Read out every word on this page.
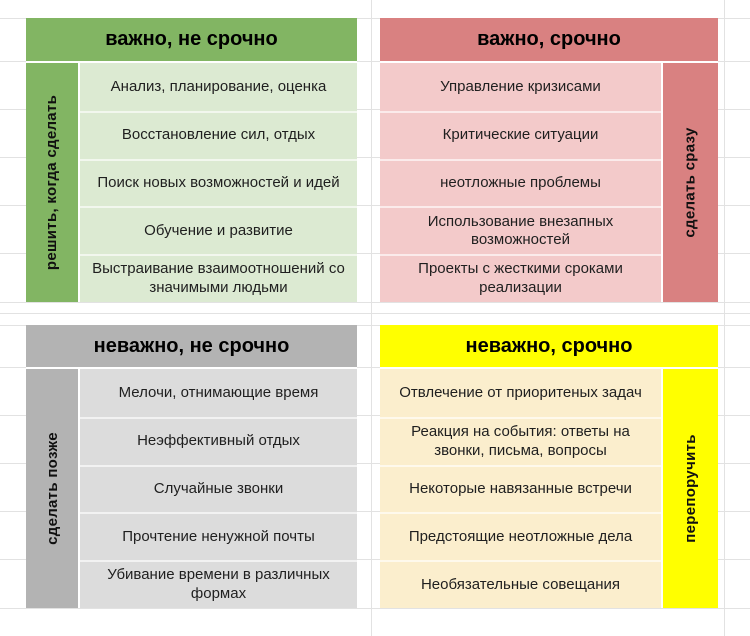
важно, не срочно
решить, когда сделать
Анализ, планирование, оценка
Восстановление сил, отдых
Поиск новых возможностей и идей
Обучение и развитие
Выстраивание взаимоотношений со значимыми людьми
важно, срочно
Управление кризисами
Критические ситуации
неотложные проблемы
Использование внезапных возможностей
Проекты с жесткими сроками реализации
сделать сразу
неважно, не срочно
сделать позже
Мелочи, отнимающие время
Неэффективный отдых
Случайные звонки
Прочтение ненужной почты
Убивание времени в различных формах
неважно, срочно
Отвлечение от приоритеных задач
Реакция на события: ответы на звонки, письма, вопросы
Некоторые навязанные встречи
Предстоящие неотложные дела
Необязательные совещания
перепоручить
